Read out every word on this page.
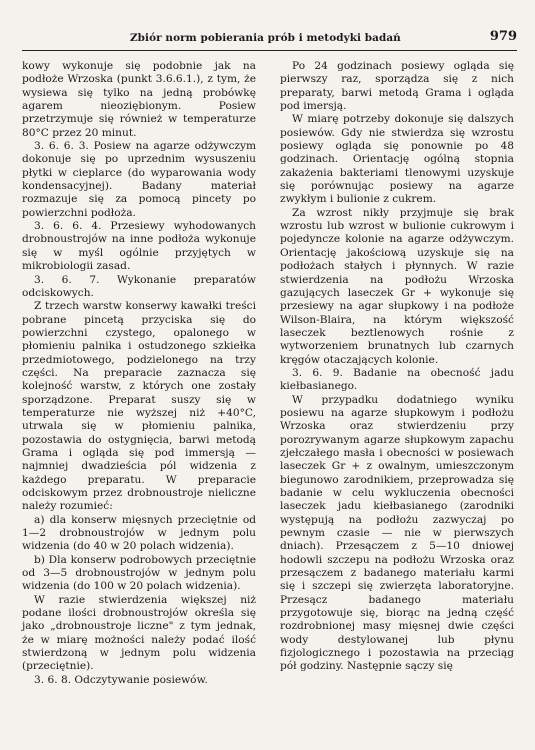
Zbiór norm pobierania prób i metodyki badań	979

kowy wykonuje się podobnie jak na podłoże Wrzoska (punkt 3.6.6.1.), z tym, że wysiewa się tylko na jedną probówkę agarem nieoziębionym. Posiew przetrzymuje się również w temperaturze 80°C przez 20 minut.

3. 6. 6. 3. Posiew na agarze odżywczym dokonuje się po uprzednim wysuszeniu płytki w cieplarce (do wyparowania wody kondensacyjnej). Badany materiał rozmazuje się za pomocą pincety po powierzchni podłoża.

3. 6. 6. 4. Przesiewy wyhodowanych drobnoustrojów na inne podłoża wykonuje się w myśl ogólnie przyjętych w mikrobiologii zasad.

3. 6. 7. Wykonanie preparatów odciskowych.

Z trzech warstw konserwy kawałki treści pobrane pincetą przyciska się do powierzchni czystego, opalonego w płomieniu palnika i ostudzonego szkiełka przedmiotowego, podzielonego na trzy części. Na preparacie zaznacza się kolejność warstw, z których one zostały sporządzone. Preparat suszy się w temperaturze nie wyższej niż +40°C, utrwala się w płomieniu palnika, pozostawia do ostygnięcia, barwi metodą Grama i ogląda się pod immersją — najmniej dwadzieścia pól widzenia z każdego preparatu. W preparacie odciskowym przez drobnoustroje nieliczne należy rozumieć:

a) dla konserw mięsnych przeciętnie od 1—2 drobnoustrojów w jednym polu widzenia (do 40 w 20 polach widzenia).

b) Dla konserw podrobowych przeciętnie od 3—5 drobnoustrojów w jednym polu widzenia (do 100 w 20 polach widzenia).

W razie stwierdzenia większej niż podane ilości drobnoustrojów określa się jako „drobnoustroje liczne" z tym jednak, że w miarę możności należy podać ilość stwierdzoną w jednym polu widzenia (przeciętnie).

3. 6. 8. Odczytywanie posiewów.

Po 24 godzinach posiewy ogląda się pierwszy raz, sporządza się z nich preparaty, barwi metodą Grama i ogląda pod imersją.

W miarę potrzeby dokonuje się dalszych posiewów. Gdy nie stwierdza się wzrostu posiewy ogląda się ponownie po 48 godzinach. Orientację ogólną stopnia zakażenia bakteriami tlenowymi uzyskuje się porównując posiewy na agarze zwykłym i bulionie z cukrem.

Za wzrost nikły przyjmuje się brak wzrostu lub wzrost w bulionie cukrowym i pojedyncze kolonie na agarze odżywczym. Orientację jakościową uzyskuje się na podłożach stałych i płynnych. W razie stwierdzenia na podłożu Wrzoska gazujących laseczek Gr + wykonuje się przesiewy na agar słupkowy i na podłoże Wilson-Blaira, na którym większość laseczek beztlenowych rośnie z wytworzeniem brunatnych lub czarnych kręgów otaczających kolonie.

3. 6. 9. Badanie na obecność jadu kiełbasianego.

W przypadku dodatniego wyniku posiewu na agarze słupkowym i podłożu Wrzoska oraz stwierdzeniu przy porozrywanym agarze słupkowym zapachu zjełczałego masła i obecności w posiewach laseczek Gr + z owalnym, umieszczonym biegunowo zarodnikiem, przeprowadza się badanie w celu wykluczenia obecności laseczek jadu kiełbasianego (zarodniki występują na podłożu zazwyczaj po pewnym czasie — nie w pierwszych dniach). Przesączem z 5—10 dniowej hodowli szczepu na podłożu Wrzoska oraz przesączem z badanego materiału karmi się i szczepi się zwierzęta laboratoryjne. Przesącz badanego materiału przygotowuje się, biorąc na jedną część rozdrobnionej masy mięsnej dwie części wody destylowanej lub płynu fizjologicznego i pozostawia na przeciąg pół godziny. Następnie sączy się
